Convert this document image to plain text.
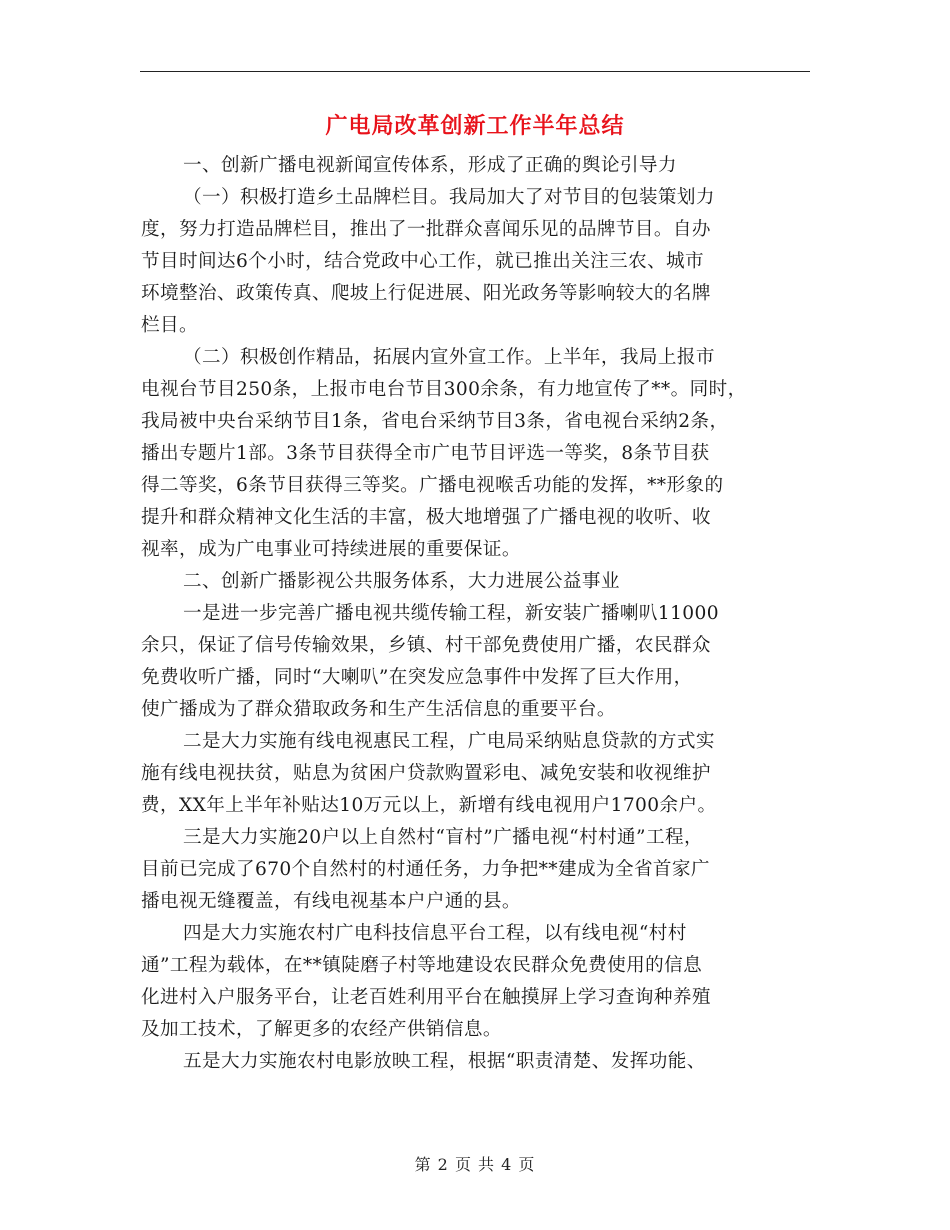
广电局改革创新工作半年总结
一、创新广播电视新闻宣传体系，形成了正确的舆论引导力
（一）积极打造乡土品牌栏目。我局加大了对节目的包装策划力
度，努力打造品牌栏目，推出了一批群众喜闻乐见的品牌节目。自办
节目时间达6个小时，结合党政中心工作，就已推出关注三农、城市
环境整治、政策传真、爬坡上行促进展、阳光政务等影响较大的名牌
栏目。
（二）积极创作精品，拓展内宣外宣工作。上半年，我局上报市
电视台节目250条，上报市电台节目300余条，有力地宣传了**。同时，
我局被中央台采纳节目1条，省电台采纳节目3条，省电视台采纳2条，
播出专题片1部。3条节目获得全市广电节目评选一等奖，8条节目获
得二等奖，6条节目获得三等奖。广播电视喉舌功能的发挥，**形象的
提升和群众精神文化生活的丰富，极大地增强了广播电视的收听、收
视率，成为广电事业可持续进展的重要保证。
二、创新广播影视公共服务体系，大力进展公益事业
一是进一步完善广播电视共缆传输工程，新安装广播喇叭11000
余只，保证了信号传输效果，乡镇、村干部免费使用广播，农民群众
免费收听广播，同时“大喇叭”在突发应急事件中发挥了巨大作用，
使广播成为了群众猎取政务和生产生活信息的重要平台。
二是大力实施有线电视惠民工程，广电局采纳贴息贷款的方式实
施有线电视扶贫，贴息为贫困户贷款购置彩电、减免安装和收视维护
费，XX年上半年补贴达10万元以上，新增有线电视用户1700余户。
三是大力实施20户以上自然村“盲村”广播电视“村村通”工程，
目前已完成了670个自然村的村通任务，力争把**建成为全省首家广
播电视无缝覆盖，有线电视基本户户通的县。
四是大力实施农村广电科技信息平台工程，以有线电视“村村
通”工程为载体，在**镇陡磨子村等地建设农民群众免费使用的信息
化进村入户服务平台，让老百姓利用平台在触摸屏上学习查询种养殖
及加工技术，了解更多的农经产供销信息。
五是大力实施农村电影放映工程，根据“职责清楚、发挥功能、
第 2 页 共 4 页
